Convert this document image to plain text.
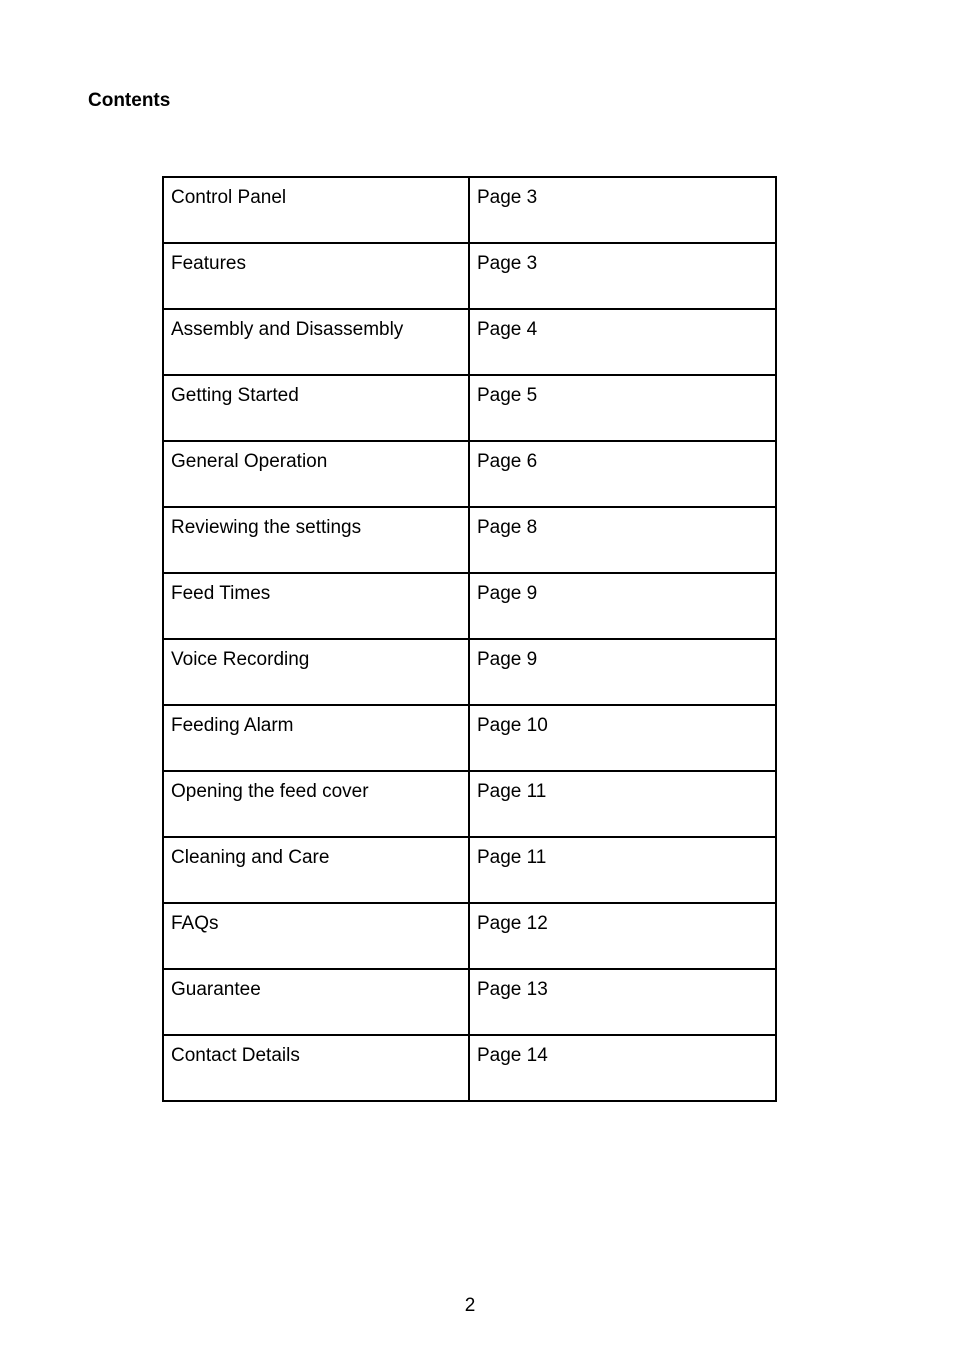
Contents
Control Panel	Page 3
Features	Page 3
Assembly and Disassembly	Page 4
Getting Started	Page 5
General Operation	Page 6
Reviewing the settings	Page 8
Feed Times	Page 9
Voice Recording	Page 9
Feeding Alarm	Page 10
Opening the feed cover	Page 11
Cleaning and Care	Page 11
FAQs	Page 12
Guarantee	Page 13
Contact Details	Page 14
2
